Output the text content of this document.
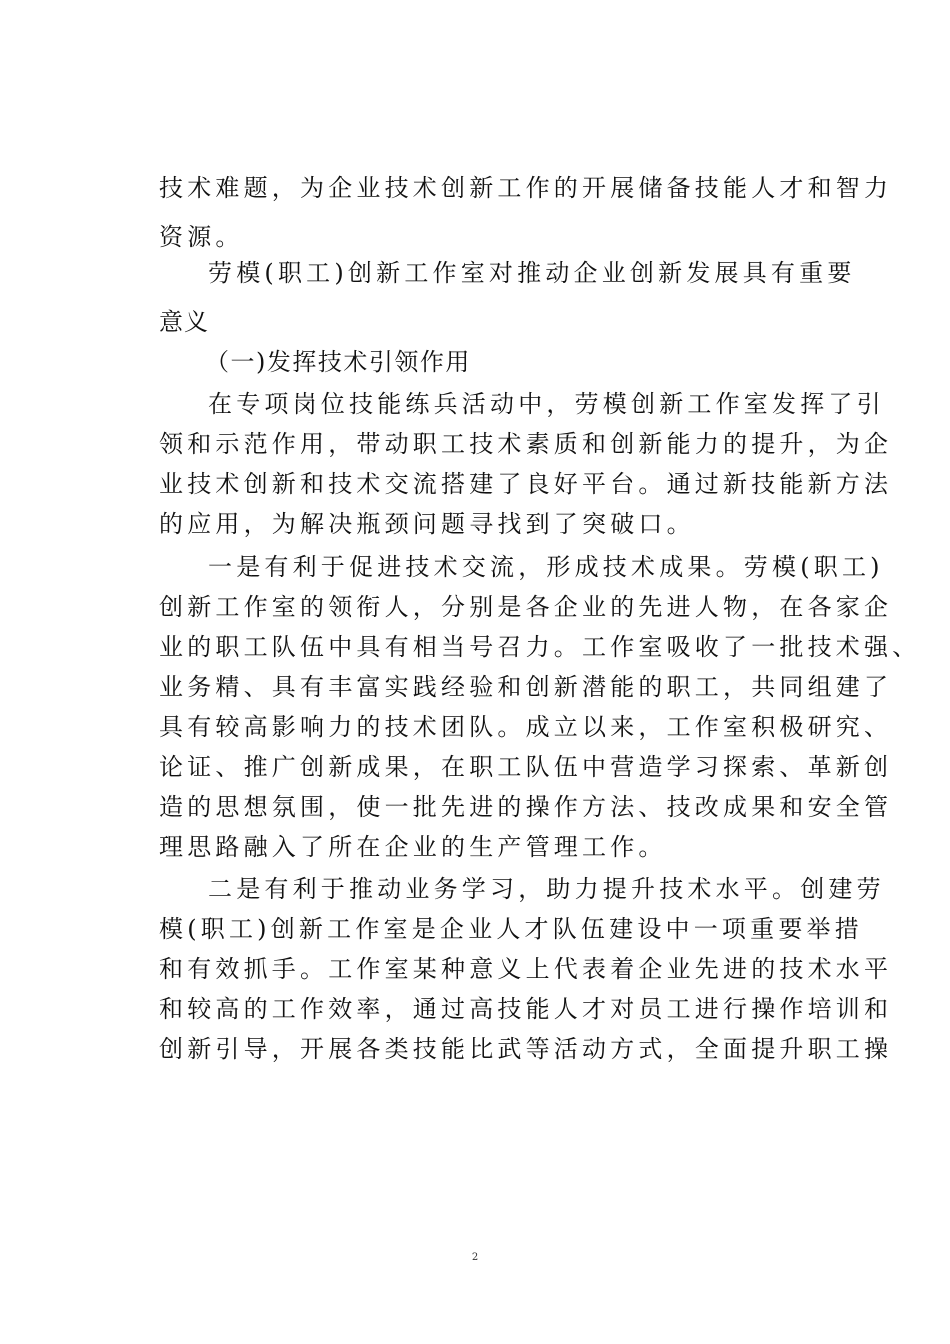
技术难题，为企业技术创新工作的开展储备技能人才和智力
资源。
劳模(职工)创新工作室对推动企业创新发展具有重要
意义
（一)发挥技术引领作用
在专项岗位技能练兵活动中，劳模创新工作室发挥了引
领和示范作用，带动职工技术素质和创新能力的提升，为企
业技术创新和技术交流搭建了良好平台。通过新技能新方法
的应用，为解决瓶颈问题寻找到了突破口。
一是有利于促进技术交流，形成技术成果。劳模(职工)
创新工作室的领衔人，分别是各企业的先进人物，在各家企
业的职工队伍中具有相当号召力。工作室吸收了一批技术强、
业务精、具有丰富实践经验和创新潜能的职工，共同组建了
具有较高影响力的技术团队。成立以来，工作室积极研究、
论证、推广创新成果，在职工队伍中营造学习探索、革新创
造的思想氛围，使一批先进的操作方法、技改成果和安全管
理思路融入了所在企业的生产管理工作。
二是有利于推动业务学习，助力提升技术水平。创建劳
模(职工)创新工作室是企业人才队伍建设中一项重要举措
和有效抓手。工作室某种意义上代表着企业先进的技术水平
和较高的工作效率，通过高技能人才对员工进行操作培训和
创新引导，开展各类技能比武等活动方式，全面提升职工操
2
